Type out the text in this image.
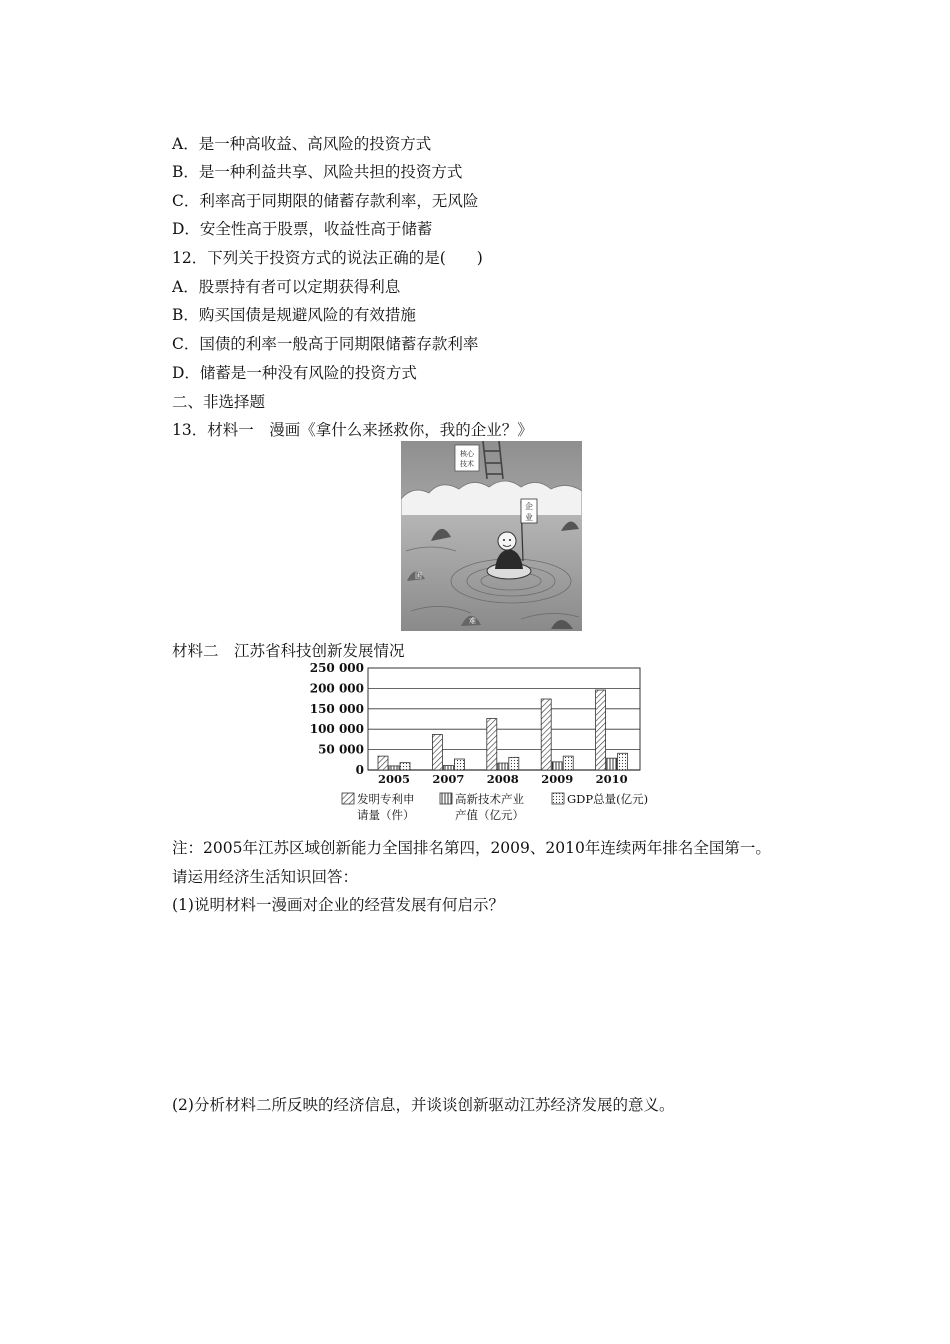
A．是一种高收益、高风险的投资方式
B．是一种利益共享、风险共担的投资方式
C．利率高于同期限的储蓄存款利率，无风险
D．安全性高于股票，收益性高于储蓄
12．下列关于投资方式的说法正确的是(　　)
A．股票持有者可以定期获得利息
B．购买国债是规避风险的有效措施
C．国债的利率一般高于同期限储蓄存款利率
D．储蓄是一种没有风险的投资方式
二、非选择题
13．材料一　漫画《拿什么来拯救你，我的企业？》
核心
技术
困
难
企
业
材料二　江苏省科技创新发展情况
0
50 000
100 000
150 000
200 000
250 000
2005 2007 2008 2009 2010
发明专利申
请量（件）
高新技术产业
产值（亿元）
GDP总量(亿元)
注：2005年江苏区域创新能力全国排名第四，2009、2010年连续两年排名全国第一。
请运用经济生活知识回答：
(1)说明材料一漫画对企业的经营发展有何启示？
(2)分析材料二所反映的经济信息，并谈谈创新驱动江苏经济发展的意义。
